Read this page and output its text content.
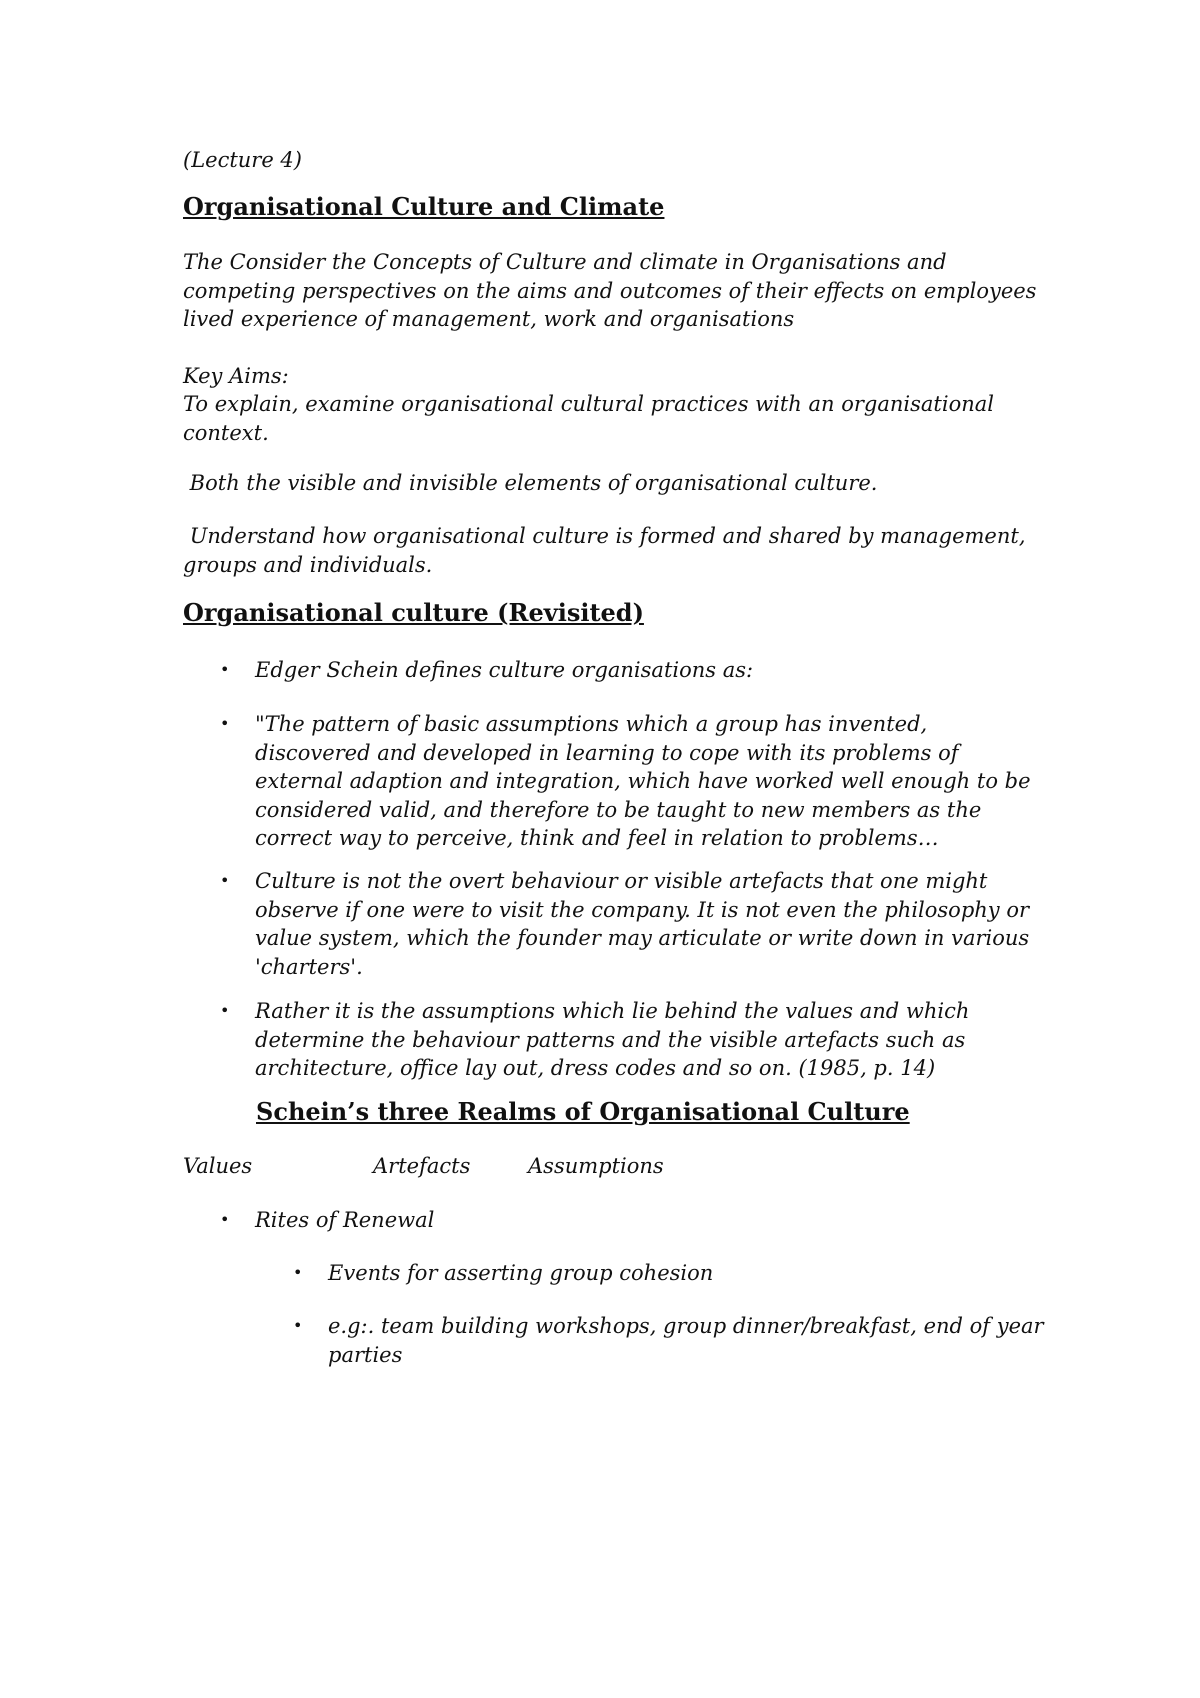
(Lecture 4)

Organisational Culture and Climate

The Consider the Concepts of Culture and climate in Organisations and competing perspectives on the aims and outcomes of their effects on employees lived experience of management, work and organisations

Key Aims:

To explain, examine organisational cultural practices with an organisational context.

Both the visible and invisible elements of organisational culture.

Understand how organisational culture is formed and shared by management, groups and individuals.

Organisational culture (Revisited)

• Edger Schein defines culture organisations as:

• "The pattern of basic assumptions which a group has invented, discovered and developed in learning to cope with its problems of external adaption and integration, which have worked well enough to be considered valid, and therefore to be taught to new members as the correct way to perceive, think and feel in relation to problems…

• Culture is not the overt behaviour or visible artefacts that one might observe if one were to visit the company. It is not even the philosophy or value system, which the founder may articulate or write down in various 'charters'.

• Rather it is the assumptions which lie behind the values and which determine the behaviour patterns and the visible artefacts such as architecture, office lay out, dress codes and so on. (1985, p. 14)

Schein’s three Realms of Organisational Culture

Values	Artefacts	Assumptions
• Rites of Renewal

• Events for asserting group cohesion

• e.g:. team building workshops, group dinner/breakfast, end of year parties
